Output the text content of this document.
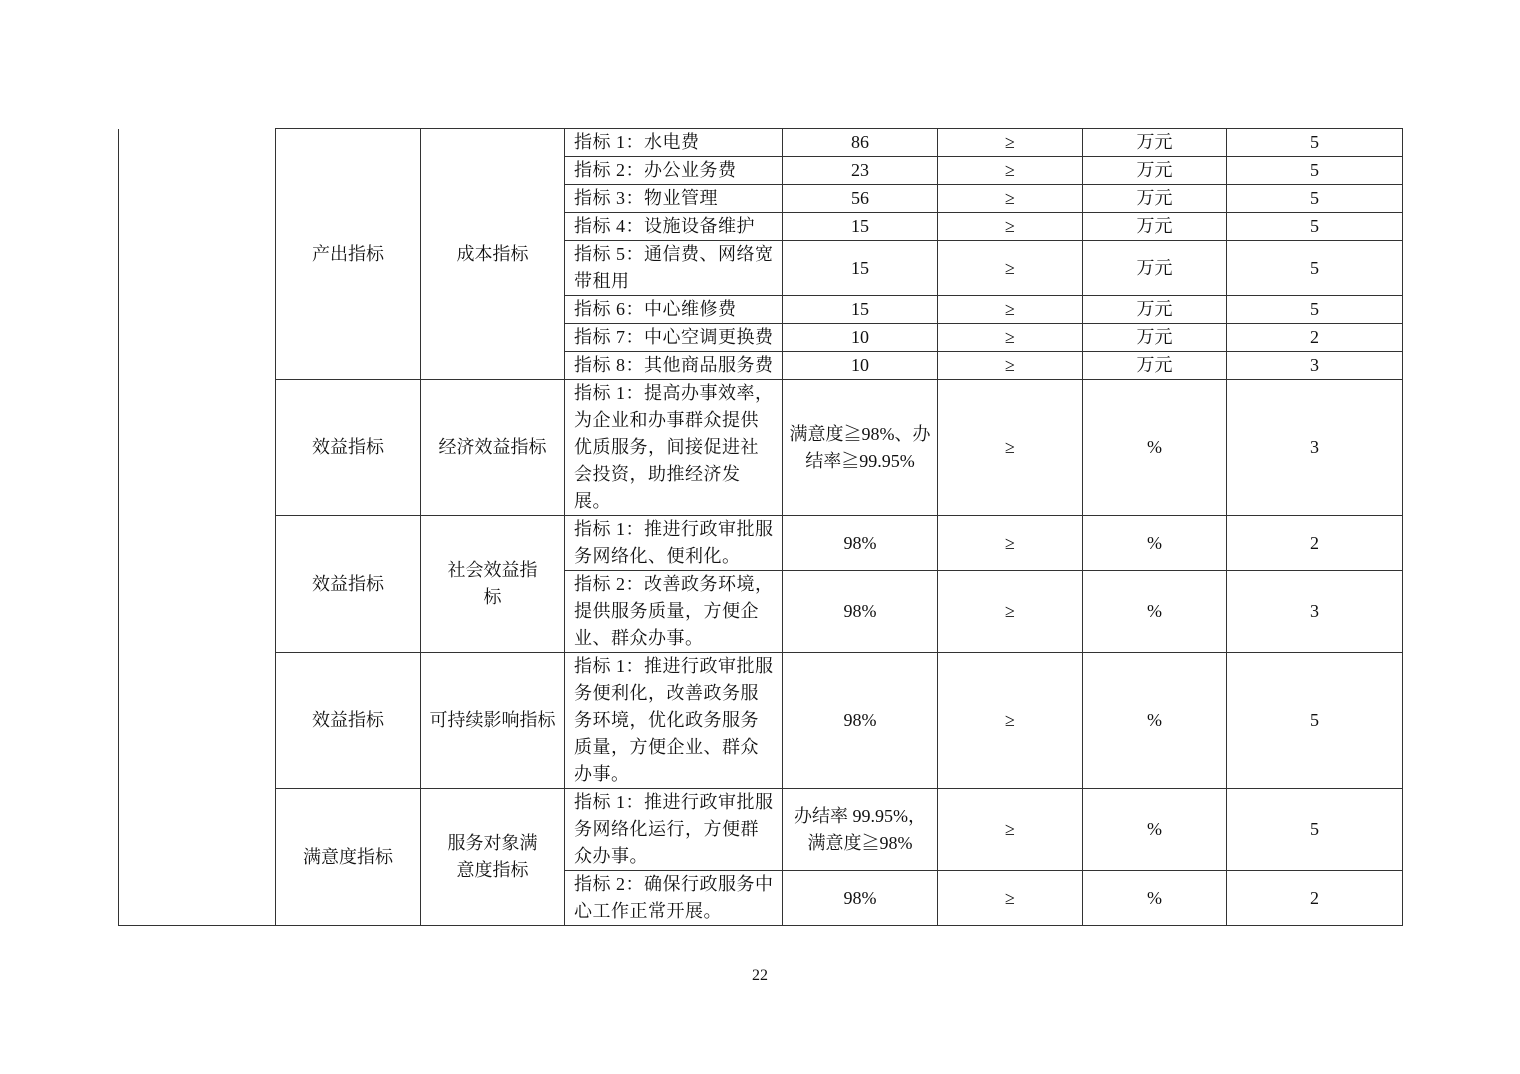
	产出指标	成本指标	指标 1：水电费	86	≥	万元	5
			指标 2：办公业务费	23	≥	万元	5
			指标 3：物业管理	56	≥	万元	5
			指标 4：设施设备维护	15	≥	万元	5
			指标 5：通信费、网络宽带租用	15	≥	万元	5
			指标 6：中心维修费	15	≥	万元	5
			指标 7：中心空调更换费	10	≥	万元	2
			指标 8：其他商品服务费	10	≥	万元	3
	效益指标	经济效益指标	指标 1：提高办事效率，为企业和办事群众提供优质服务，间接促进社会投资，助推经济发展。	满意度≧98%、办结率≧99.95%	≥	%	3
	效益指标	社会效益指标	指标 1：推进行政审批服务网络化、便利化。	98%	≥	%	2
			指标 2：改善政务环境，提供服务质量，方便企业、群众办事。	98%	≥	%	3
	效益指标	可持续影响指标	指标 1：推进行政审批服务便利化，改善政务服务环境，优化政务服务质量，方便企业、群众办事。	98%	≥	%	5
	满意度指标	服务对象满意度指标	指标 1：推进行政审批服务网络化运行，方便群众办事。	办结率 99.95%，满意度≧98%	≥	%	5
			指标 2：确保行政服务中心工作正常开展。	98%	≥	%	2
22
